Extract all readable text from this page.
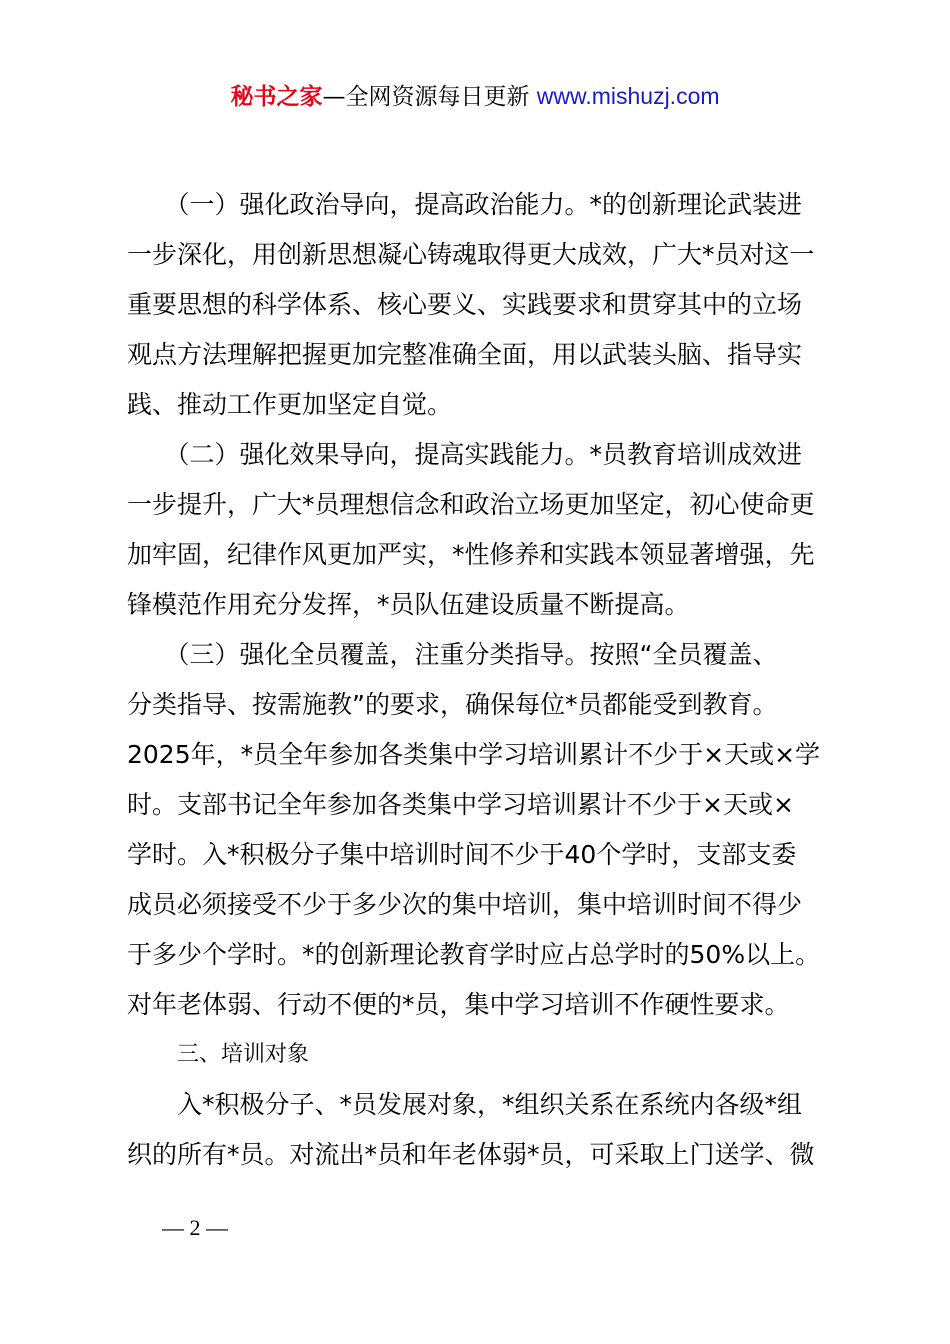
秘书之家—全网资源每日更新 www.mishuzj.com

　　（一）强化政治导向，提高政治能力。*的创新理论武装进
一步深化，用创新思想凝心铸魂取得更大成效，广大*员对这一
重要思想的科学体系、核心要义、实践要求和贯穿其中的立场
观点方法理解把握更加完整准确全面，用以武装头脑、指导实
践、推动工作更加坚定自觉。

　　（二）强化效果导向，提高实践能力。*员教育培训成效进
一步提升，广大*员理想信念和政治立场更加坚定，初心使命更
加牢固，纪律作风更加严实，*性修养和实践本领显著增强，先
锋模范作用充分发挥，*员队伍建设质量不断提高。

　　（三）强化全员覆盖，注重分类指导。按照“全员覆盖、
分类指导、按需施教”的要求，确保每位*员都能受到教育。
2025年，*员全年参加各类集中学习培训累计不少于×天或×学
时。支部书记全年参加各类集中学习培训累计不少于×天或×
学时。入*积极分子集中培训时间不少于40个学时，支部支委
成员必须接受不少于多少次的集中培训，集中培训时间不得少
于多少个学时。*的创新理论教育学时应占总学时的50%以上。
对年老体弱、行动不便的*员，集中学习培训不作硬性要求。

三、培训对象

　　入*积极分子、*员发展对象，*组织关系在系统内各级*组
织的所有*员。对流出*员和年老体弱*员，可采取上门送学、微

— 2 —
